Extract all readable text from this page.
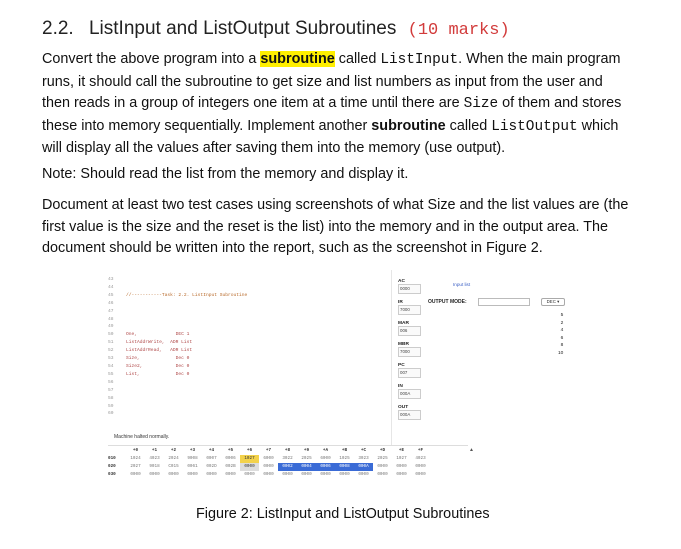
2.2. ListInput and ListOutput Subroutines (10 marks)
Convert the above program into a subroutine called ListInput. When the main program
runs, it should call the subroutine to get size and list numbers as input from the user and
then reads in a group of integers one item at a time until there are Size of them and stores
these into memory sequentially. Implement another subroutine called ListOutput which
will display all the values after saving them into the memory (use output).
Note: Should read the list from the memory and display it.
Document at least two test cases using screenshots of what Size and the list values are (the
first value is the size and the reset is the list) into the memory and in the output area. The
document should be written into the report, such as the screenshot in Figure 2.
43
44
45
46
47
48
49
50
51
52
53
54
55
56
57
58
59
60
//-----------Task: 2.2. ListInput Subroutine
One,              DEC 1
ListAddrWrite,  ADR List
ListAddrRead,   ADR List
Size,             Dec 0
Size2,            Dec 0
List,             Dec 0
AC
0000
IR
7000
MAR
006
MBR
7000
PC
007
IN
000A
OUT
000A
Input list
OUTPUT MODE:	DEC ▾
5
2
4
6
8
10
Machine halted normally.
+0	+1	+2	+3	+4	+5	+6	+7	+8	+9	+A	+B	+C	+D	+E	+F
010	1024	4023	2024	9008	0007	0006	1027	6000	3022	2025	6000	1025	3023	2025	1027	4023
020	2027	9018	C015	0061	002D	002B	0000	0000	0002	0004	0006	0008	000A	0000	0000	0000
030	0000	0000	0000	0000	0000	0000	0000	0000	0000	0000	0000	0000	0000	0000	0000	0000
▲
Figure 2: ListInput and ListOutput Subroutines
